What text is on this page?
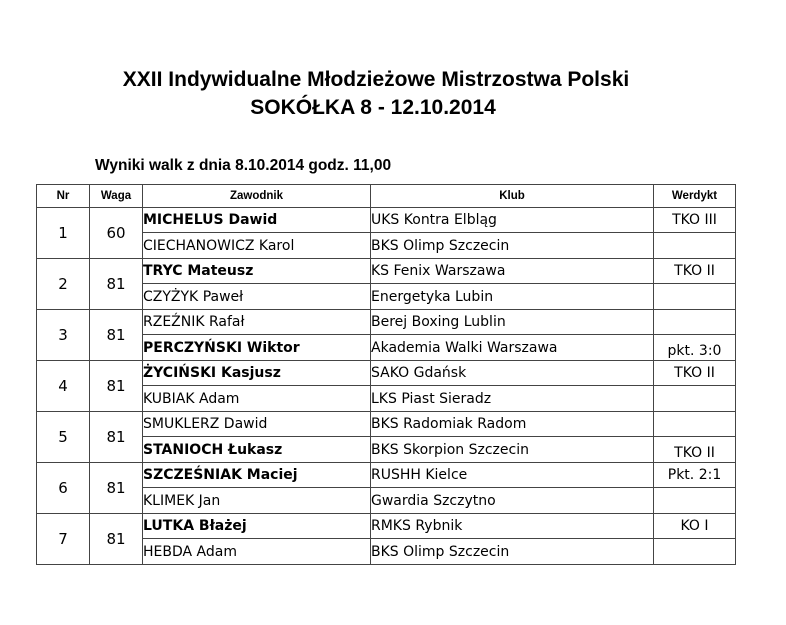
XXII Indywidualne Młodzieżowe Mistrzostwa Polski
SOKÓŁKA 8 - 12.10.2014
Wyniki walk z dnia 8.10.2014 godz. 11,00
Nr	Waga	Zawodnik	Klub	Werdykt
1	60	MICHELUS Dawid	UKS Kontra Elbląg	TKO III
		CIECHANOWICZ Karol	BKS Olimp Szczecin	
2	81	TRYC Mateusz	KS Fenix Warszawa	TKO II
		CZYŻYK Paweł	Energetyka Lubin	
3	81	RZEŹNIK Rafał	Berej Boxing Lublin	
		PERCZYŃSKI Wiktor	Akademia Walki Warszawa	pkt. 3:0
4	81	ŻYCIŃSKI Kasjusz	SAKO Gdańsk	TKO II
		KUBIAK Adam	LKS Piast Sieradz	
5	81	SMUKLERZ Dawid	BKS Radomiak Radom	
		STANIOCH Łukasz	BKS Skorpion Szczecin	TKO II
6	81	SZCZEŚNIAK Maciej	RUSHH Kielce	Pkt. 2:1
		KLIMEK Jan	Gwardia Szczytno	
7	81	LUTKA Błażej	RMKS Rybnik	KO I
		HEBDA Adam	BKS Olimp Szczecin	
